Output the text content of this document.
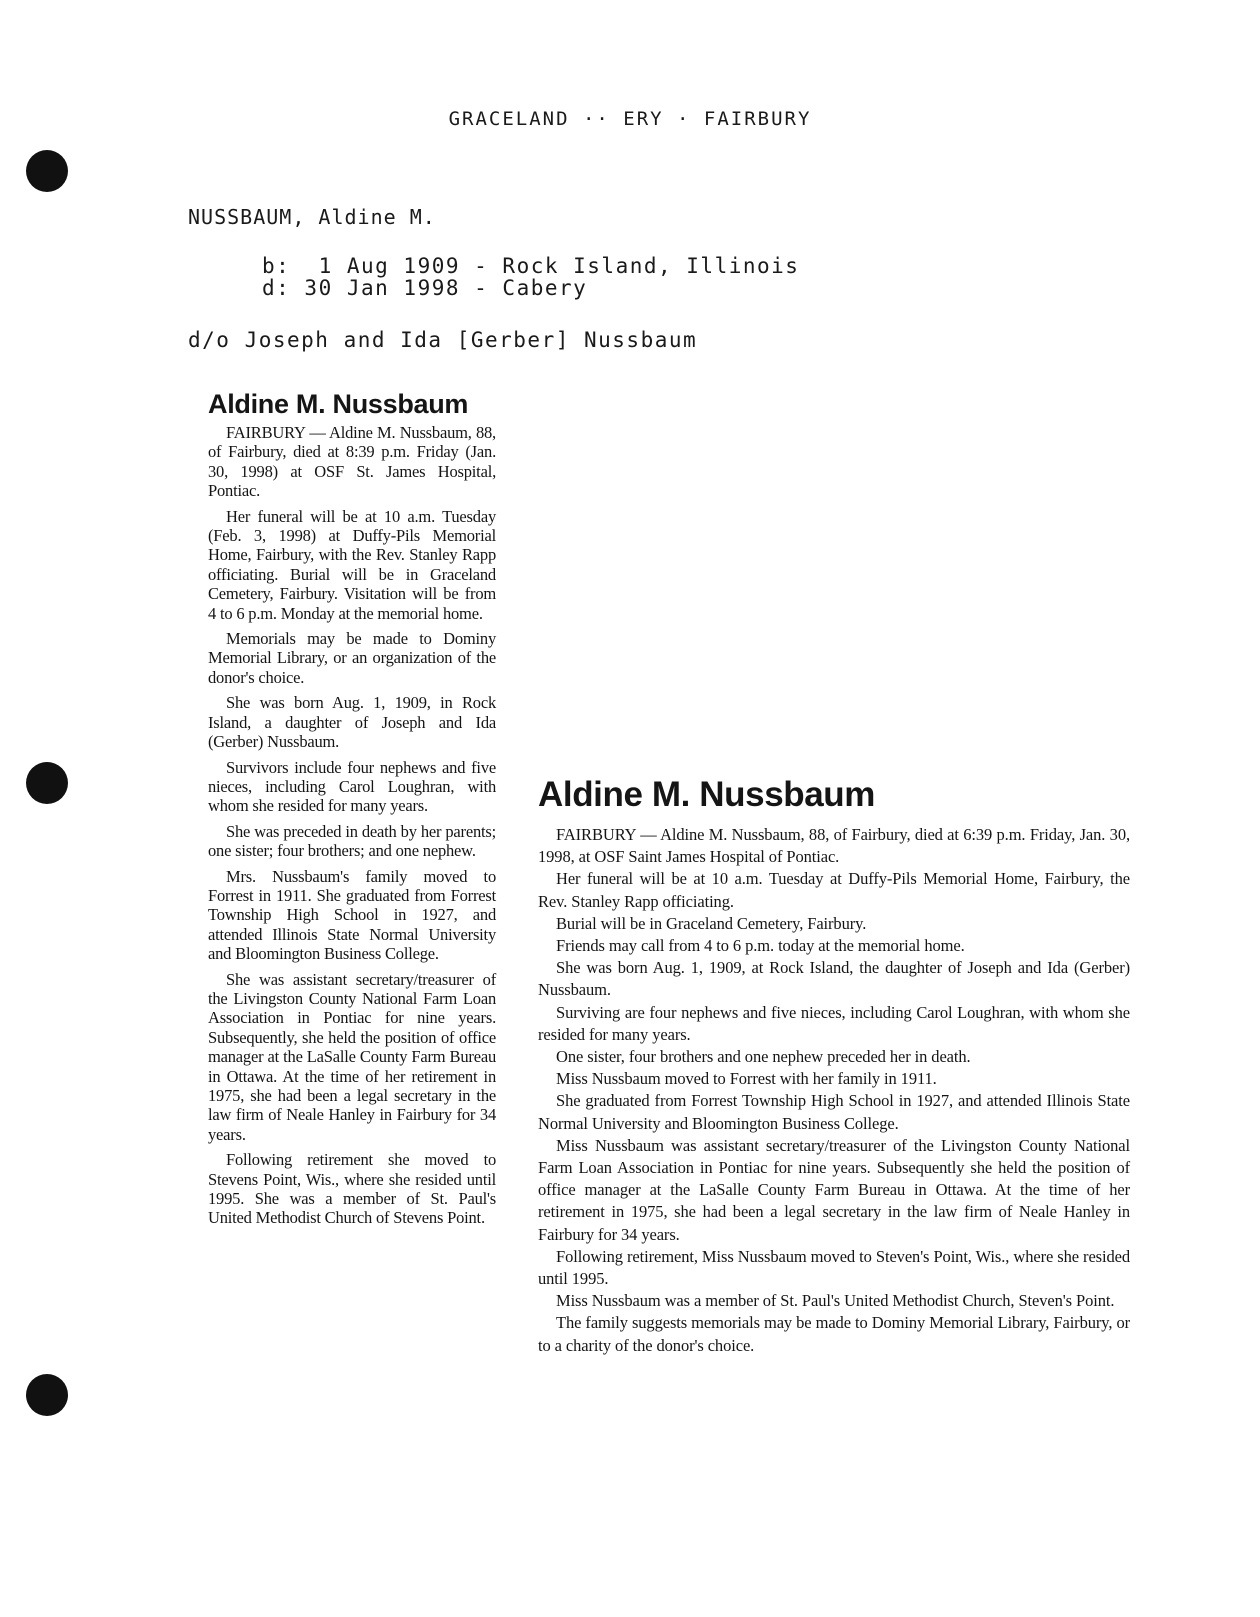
GRACELAND ·· ERY · FAIRBURY
NUSSBAUM, Aldine M.
b:  1 Aug 1909 - Rock Island, Illinois
d: 30 Jan 1998 - Cabery
d/o Joseph and Ida [Gerber] Nussbaum
Aldine M. Nussbaum

FAIRBURY — Aldine M. Nussbaum, 88, of Fairbury, died at 8:39 p.m. Friday (Jan. 30, 1998) at OSF St. James Hospital, Pontiac.

Her funeral will be at 10 a.m. Tuesday (Feb. 3, 1998) at Duffy-Pils Memorial Home, Fairbury, with the Rev. Stanley Rapp officiating. Burial will be in Graceland Cemetery, Fairbury. Visitation will be from 4 to 6 p.m. Monday at the memorial home.

Memorials may be made to Dominy Memorial Library, or an organization of the donor's choice.

She was born Aug. 1, 1909, in Rock Island, a daughter of Joseph and Ida (Gerber) Nussbaum.

Survivors include four nephews and five nieces, including Carol Loughran, with whom she resided for many years.

She was preceded in death by her parents; one sister; four brothers; and one nephew.

Mrs. Nussbaum's family moved to Forrest in 1911. She graduated from Forrest Township High School in 1927, and attended Illinois State Normal University and Bloomington Business College.

She was assistant secretary/treasurer of the Livingston County National Farm Loan Association in Pontiac for nine years. Subsequently, she held the position of office manager at the LaSalle County Farm Bureau in Ottawa. At the time of her retirement in 1975, she had been a legal secretary in the law firm of Neale Hanley in Fairbury for 34 years.

Following retirement she moved to Stevens Point, Wis., where she resided until 1995. She was a member of St. Paul's United Methodist Church of Stevens Point.

Aldine M. Nussbaum

FAIRBURY — Aldine M. Nussbaum, 88, of Fairbury, died at 6:39 p.m. Friday, Jan. 30, 1998, at OSF Saint James Hospital of Pontiac.

Her funeral will be at 10 a.m. Tuesday at Duffy-Pils Memorial Home, Fairbury, the Rev. Stanley Rapp officiating.

Burial will be in Graceland Cemetery, Fairbury.

Friends may call from 4 to 6 p.m. today at the memorial home.

She was born Aug. 1, 1909, at Rock Island, the daughter of Joseph and Ida (Gerber) Nussbaum.

Surviving are four nephews and five nieces, including Carol Loughran, with whom she resided for many years.

One sister, four brothers and one nephew preceded her in death.

Miss Nussbaum moved to Forrest with her family in 1911.

She graduated from Forrest Township High School in 1927, and attended Illinois State Normal University and Bloomington Business College.

Miss Nussbaum was assistant secretary/treasurer of the Livingston County National Farm Loan Association in Pontiac for nine years. Subsequently she held the position of office manager at the LaSalle County Farm Bureau in Ottawa. At the time of her retirement in 1975, she had been a legal secretary in the law firm of Neale Hanley in Fairbury for 34 years.

Following retirement, Miss Nussbaum moved to Steven's Point, Wis., where she resided until 1995.

Miss Nussbaum was a member of St. Paul's United Methodist Church, Steven's Point.

The family suggests memorials may be made to Dominy Memorial Library, Fairbury, or to a charity of the donor's choice.
